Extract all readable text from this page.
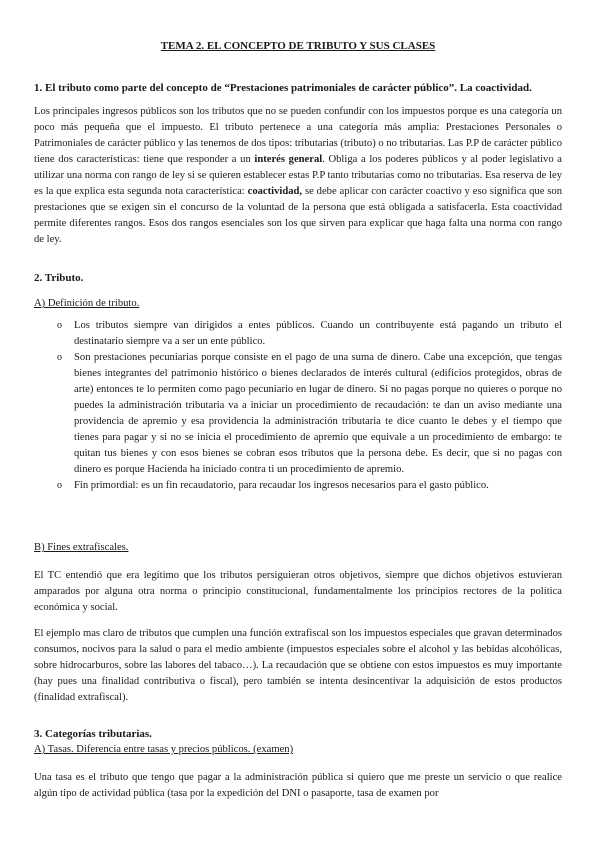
TEMA 2. EL CONCEPTO DE TRIBUTO Y SUS CLASES
1. El tributo como parte del concepto de “Prestaciones patrimoniales de carácter público”. La coactividad.

Los principales ingresos públicos son los tributos que no se pueden confundir con los impuestos porque es una categoría un poco más pequeña que el impuesto. El tributo pertenece a una categoría más amplia: Prestaciones Personales o Patrimoniales de carácter público y las tenemos de dos tipos: tributarias (tributo) o no tributarias. Las P.P de carácter público tiene dos características: tiene que responder a un interés general. Obliga a los poderes públicos y al poder legislativo a utilizar una norma con rango de ley si se quieren establecer estas P.P tanto tributarias como no tributarias. Esa reserva de ley es la que explica esta segunda nota característica: coactividad, se debe aplicar con carácter coactivo y eso significa que son prestaciones que se exigen sin el concurso de la voluntad de la persona que está obligada a satisfacerla. Esta coactividad permite diferentes rangos. Esos dos rangos esenciales son los que sirven para explicar que haga falta una norma con rango de ley.

2. Tributo.
A) Definición de tributo.
o Los tributos siempre van dirigidos a entes públicos. Cuando un contribuyente está pagando un tributo el destinatario siempre va a ser un ente público.
o Son prestaciones pecuniarias porque consiste en el pago de una suma de dinero. Cabe una excepción, que tengas bienes integrantes del patrimonio histórico o bienes declarados de interés cultural (edificios protegidos, obras de arte) entonces te lo permiten como pago pecuniario en lugar de dinero. Si no pagas porque no quieres o porque no puedes la administración tributaria va a iniciar un procedimiento de recaudación: te dan un aviso mediante una providencia de apremio y esa providencia la administración tributaria te dice cuanto le debes y el tiempo que tienes para pagar y si no se inicia el procedimiento de apremio que equivale a un procedimiento de embargo: te quitan tus bienes y con esos bienes se cobran esos tributos que la persona debe. Es decir, que si no pagas con dinero es porque Hacienda ha iniciado contra ti un procedimiento de apremio.
o Fin primordial: es un fin recaudatorio, para recaudar los ingresos necesarios para el gasto público.
B) Fines extrafiscales.

El TC entendió que era legítimo que los tributos persiguieran otros objetivos, siempre que dichos objetivos estuvieran amparados por alguna otra norma o principio constitucional, fundamentalmente los principios rectores de la política económica y social.

El ejemplo mas claro de tributos que cumplen una función extrafiscal son los impuestos especiales que gravan determinados consumos, nocivos para la salud o para el medio ambiente (impuestos especiales sobre el alcohol y las bebidas alcohólicas, sobre hidrocarburos, sobre las labores del tabaco…). La recaudación que se obtiene con estos impuestos es muy importante (hay pues una finalidad contributiva o fiscal), pero también se intenta desincentivar la adquisición de estos productos (finalidad extrafiscal).

3. Categorías tributarias.
A) Tasas. Diferencia entre tasas y precios públicos. (examen)

Una tasa es el tributo que tengo que pagar a la administración pública si quiero que me preste un servicio o que realice algún tipo de actividad pública (tasa por la expedición del DNI o pasaporte, tasa de examen por
